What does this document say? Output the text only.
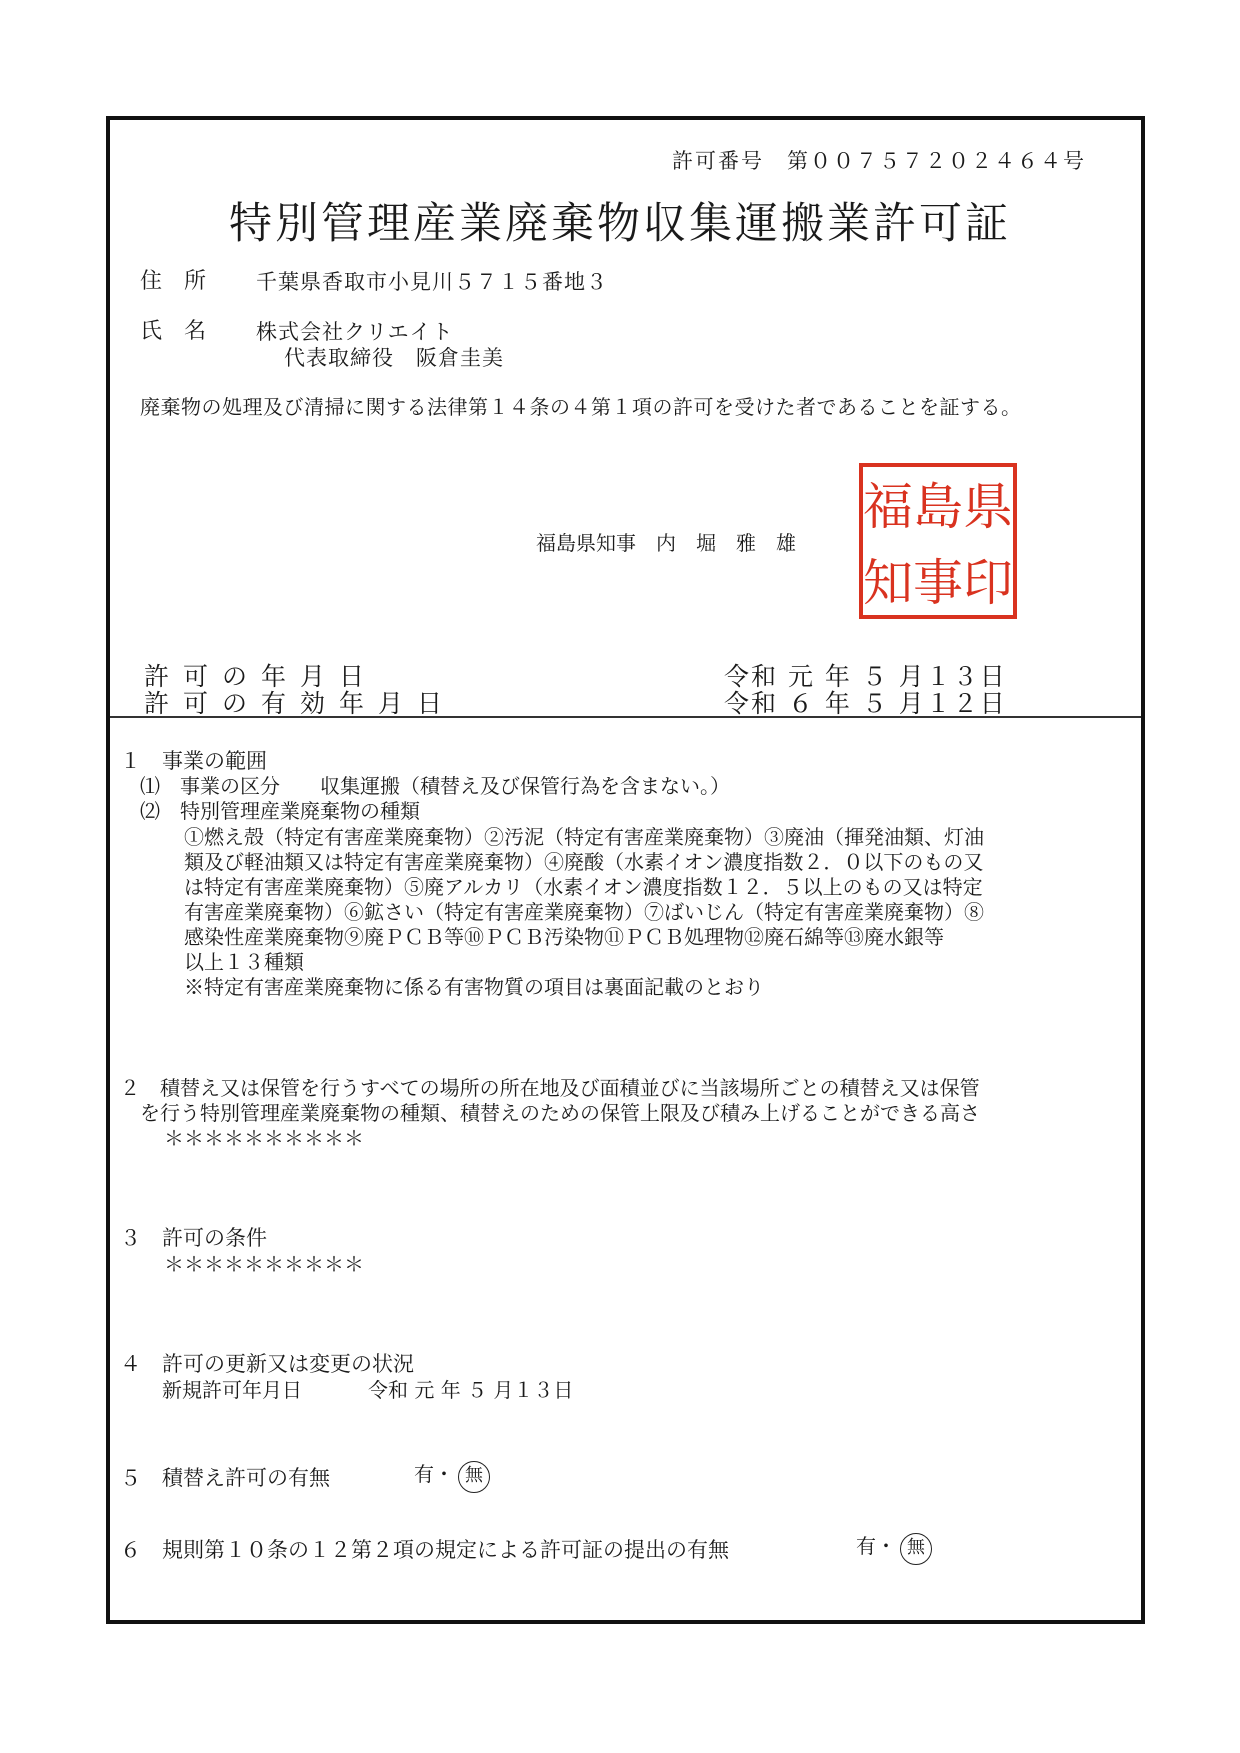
許可番号　第００７５７２０２４６４号
特別管理産業廃棄物収集運搬業許可証
住　所 千葉県香取市小見川５７１５番地３
氏　名 株式会社クリエイト
代表取締役　阪倉圭美
廃棄物の処理及び清掃に関する法律第１４条の４第１項の許可を受けた者であることを証する。
福島県知事　内　堀　雅　雄
県
印
島
事
福
知
許可の年月日	令和 元 年 ５ 月１３日
許可の有効年月日	令和 ６ 年 ５ 月１２日
１　事業の範囲
⑴　事業の区分　　収集運搬（積替え及び保管行為を含まない。）
⑵　特別管理産業廃棄物の種類
①燃え殻（特定有害産業廃棄物）②汚泥（特定有害産業廃棄物）③廃油（揮発油類、灯油
類及び軽油類又は特定有害産業廃棄物）④廃酸（水素イオン濃度指数２．０以下のもの又
は特定有害産業廃棄物）⑤廃アルカリ（水素イオン濃度指数１２．５以上のもの又は特定
有害産業廃棄物）⑥鉱さい（特定有害産業廃棄物）⑦ばいじん（特定有害産業廃棄物）⑧
感染性産業廃棄物⑨廃ＰＣＢ等⑩ＰＣＢ汚染物⑪ＰＣＢ処理物⑫廃石綿等⑬廃水銀等
以上１３種類
※特定有害産業廃棄物に係る有害物質の項目は裏面記載のとおり
２　積替え又は保管を行うすべての場所の所在地及び面積並びに当該場所ごとの積替え又は保管
を行う特別管理産業廃棄物の種類、積替えのための保管上限及び積み上げることができる高さ
＊＊＊＊＊＊＊＊＊＊
３　許可の条件
＊＊＊＊＊＊＊＊＊＊
４　許可の更新又は変更の状況
新規許可年月日	令和 元 年 ５ 月１３日
５　積替え許可の有無	有・ 無
６　規則第１０条の１２第２項の規定による許可証の提出の有無	有・ 無
